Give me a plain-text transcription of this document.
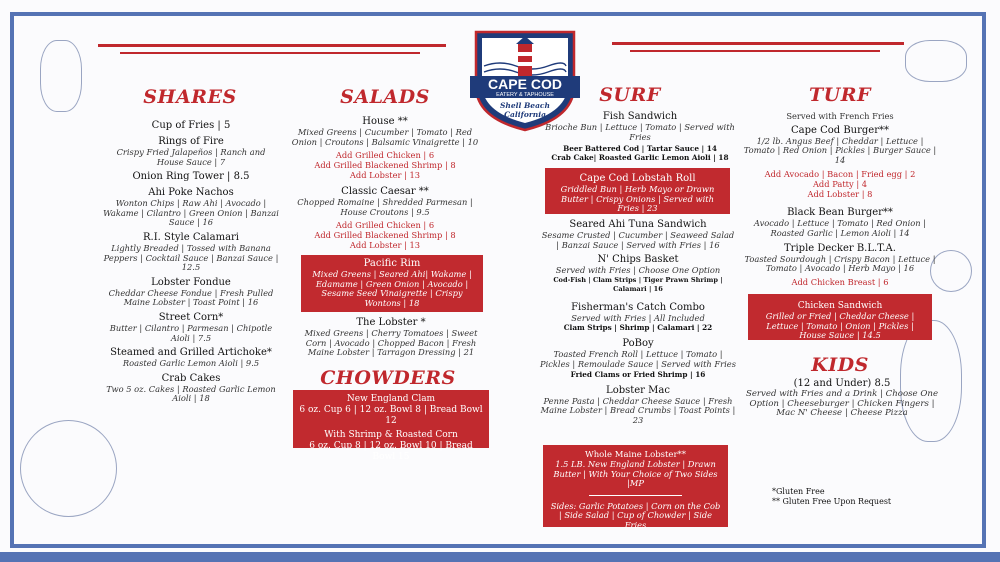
CAPE COD
EATERY & TAPHOUSE
Shell Beach
California
SHARES
Cup of Fries | 5
Rings of Fire
Crispy Fried Jalapeños | Ranch and House Sauce | 7
Onion Ring Tower | 8.5
Ahi Poke Nachos
Wonton Chips | Raw Ahi | Avocado | Wakame | Cilantro | Green Onion | Banzai Sauce | 16
R.I. Style Calamari
Lightly Breaded | Tossed with Banana Peppers | Cocktail Sauce | Banzai Sauce | 12.5
Lobster Fondue
Cheddar Cheese Fondue | Fresh Pulled Maine Lobster | Toast Point | 16
Street Corn*
Butter | Cilantro | Parmesan | Chipotle Aioli | 7.5
Steamed and Grilled Artichoke*
Roasted Garlic Lemon Aioli | 9.5
Crab Cakes
Two 5 oz. Cakes | Roasted Garlic Lemon Aioli | 18
SALADS
House **
Mixed Greens | Cucumber | Tomato | Red Onion | Croutons | Balsamic Vinaigrette | 10
Add Grilled Chicken | 6
Add Grilled Blackened Shrimp | 8
Add Lobster | 13
Classic Caesar **
Chopped Romaine | Shredded Parmesan | House Croutons | 9.5
Add Grilled Chicken | 6
Add Grilled Blackened Shrimp | 8
Add Lobster | 13
Pacific Rim
Mixed Greens | Seared Ahi| Wakame | Edamame | Green Onion | Avocado | Sesame Seed Vinaigrette | Crispy Wontons | 18
The Lobster *
Mixed Greens | Cherry Tomatoes | Sweet Corn | Avocado | Chopped Bacon | Fresh Maine Lobster | Tarragon Dressing | 21
CHOWDERS
New England Clam
6 oz. Cup 6 | 12 oz. Bowl 8 | Bread Bowl 12
With Shrimp & Roasted Corn
6 oz. Cup 8 | 12 oz. Bowl 10 | Bread Bowl 15
SURF
Fish Sandwich
Brioche Bun | Lettuce | Tomato | Served with Fries
Beer Battered Cod | Tartar Sauce | 14
Crab Cake| Roasted Garlic Lemon Aioli | 18
Cape Cod Lobstah Roll
Griddled Bun | Herb Mayo or Drawn Butter | Crispy Onions | Served with Fries | 23
Seared Ahi Tuna Sandwich
Sesame Crusted | Cucumber | Seaweed Salad | Banzai Sauce | Served with Fries | 16
N' Chips Basket
Served with Fries | Choose One Option
Cod-Fish | Clam Strips | Tiger Prawn Shrimp | Calamari | 16
Fisherman's Catch Combo
Served with Fries | All Included
Clam Strips | Shrimp | Calamari | 22
PoBoy
Toasted French Roll | Lettuce | Tomato | Pickles | Remoulade Sauce | Served with Fries
Fried Clams or Fried Shrimp | 16
Lobster Mac
Penne Pasta | Cheddar Cheese Sauce | Fresh Maine Lobster | Bread Crumbs | Toast Points | 23
Whole Maine Lobster**
1.5 LB. New England Lobster | Drawn Butter | With Your Choice of Two Sides |MP
Sides: Garlic Potatoes | Corn on the Cob | Side Salad | Cup of Chowder | Side Fries
TURF
Served with French Fries
Cape Cod Burger**
1/2 lb. Angus Beef | Cheddar | Lettuce | Tomato | Red Onion | Pickles | Burger Sauce | 14
Add Avocado | Bacon | Fried egg | 2
Add Patty | 4
Add Lobster | 8
Black Bean Burger**
Avocado | Lettuce | Tomato | Red Onion | Roasted Garlic | Lemon Aioli | 14
Triple Decker B.L.T.A.
Toasted Sourdough | Crispy Bacon | Lettuce | Tomato | Avocado | Herb Mayo | 16
Add Chicken Breast | 6
Chicken Sandwich
Grilled or Fried | Cheddar Cheese | Lettuce | Tomato | Onion | Pickles | House Sauce | 14.5
KIDS
(12 and Under) 8.5
Served with Fries and a Drink | Choose One Option | Cheeseburger | Chicken Fingers | Mac N' Cheese | Cheese Pizza
*Gluten Free
** Gluten Free Upon Request
